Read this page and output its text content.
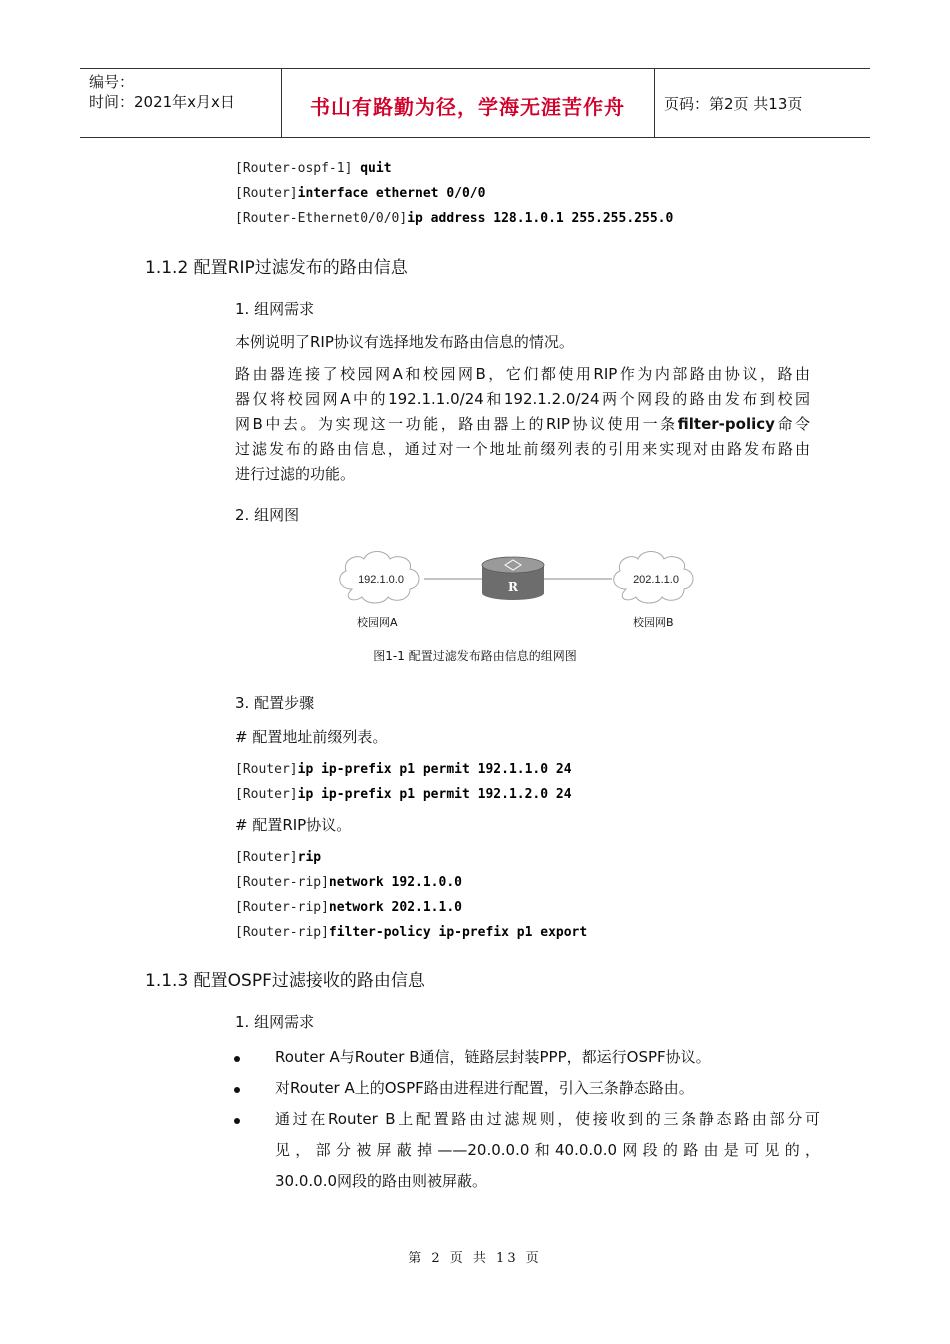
编号：
时间：2021年x月x日	书山有路勤为径，学海无涯苦作舟	页码：第2页 共13页
[Router-ospf-1] quit
[Router]interface ethernet 0/0/0
[Router-Ethernet0/0/0]ip address 128.1.0.1 255.255.255.0
1.1.2 配置RIP过滤发布的路由信息
1. 组网需求
本例说明了RIP协议有选择地发布路由信息的情况。
路由器连接了校园网A和校园网B，它们都使用RIP作为内部路由协议，路由
器仅将校园网A中的192.1.1.0/24和192.1.2.0/24两个网段的路由发布到校园
网B中去。为实现这一功能，路由器上的RIP协议使用一条filter-policy命令
过滤发布的路由信息，通过对一个地址前缀列表的引用来实现对由路发布路由
进行过滤的功能。
2. 组网图
R
192.1.0.0	202.1.1.0
校园网A	校园网B
图1-1 配置过滤发布路由信息的组网图
3. 配置步骤
# 配置地址前缀列表。
[Router]ip ip-prefix p1 permit 192.1.1.0 24
[Router]ip ip-prefix p1 permit 192.1.2.0 24
# 配置RIP协议。
[Router]rip
[Router-rip]network 192.1.0.0
[Router-rip]network 202.1.1.0
[Router-rip]filter-policy ip-prefix p1 export
1.1.3 配置OSPF过滤接收的路由信息
1. 组网需求
Router A与Router B通信，链路层封装PPP，都运行OSPF协议。
对Router A上的OSPF路由进程进行配置，引入三条静态路由。
通过在Router B上配置路由过滤规则，使接收到的三条静态路由部分可
见，部分被屏蔽掉——20.0.0.0和40.0.0.0网段的路由是可见的，
30.0.0.0网段的路由则被屏蔽。
第 2 页 共 13 页
